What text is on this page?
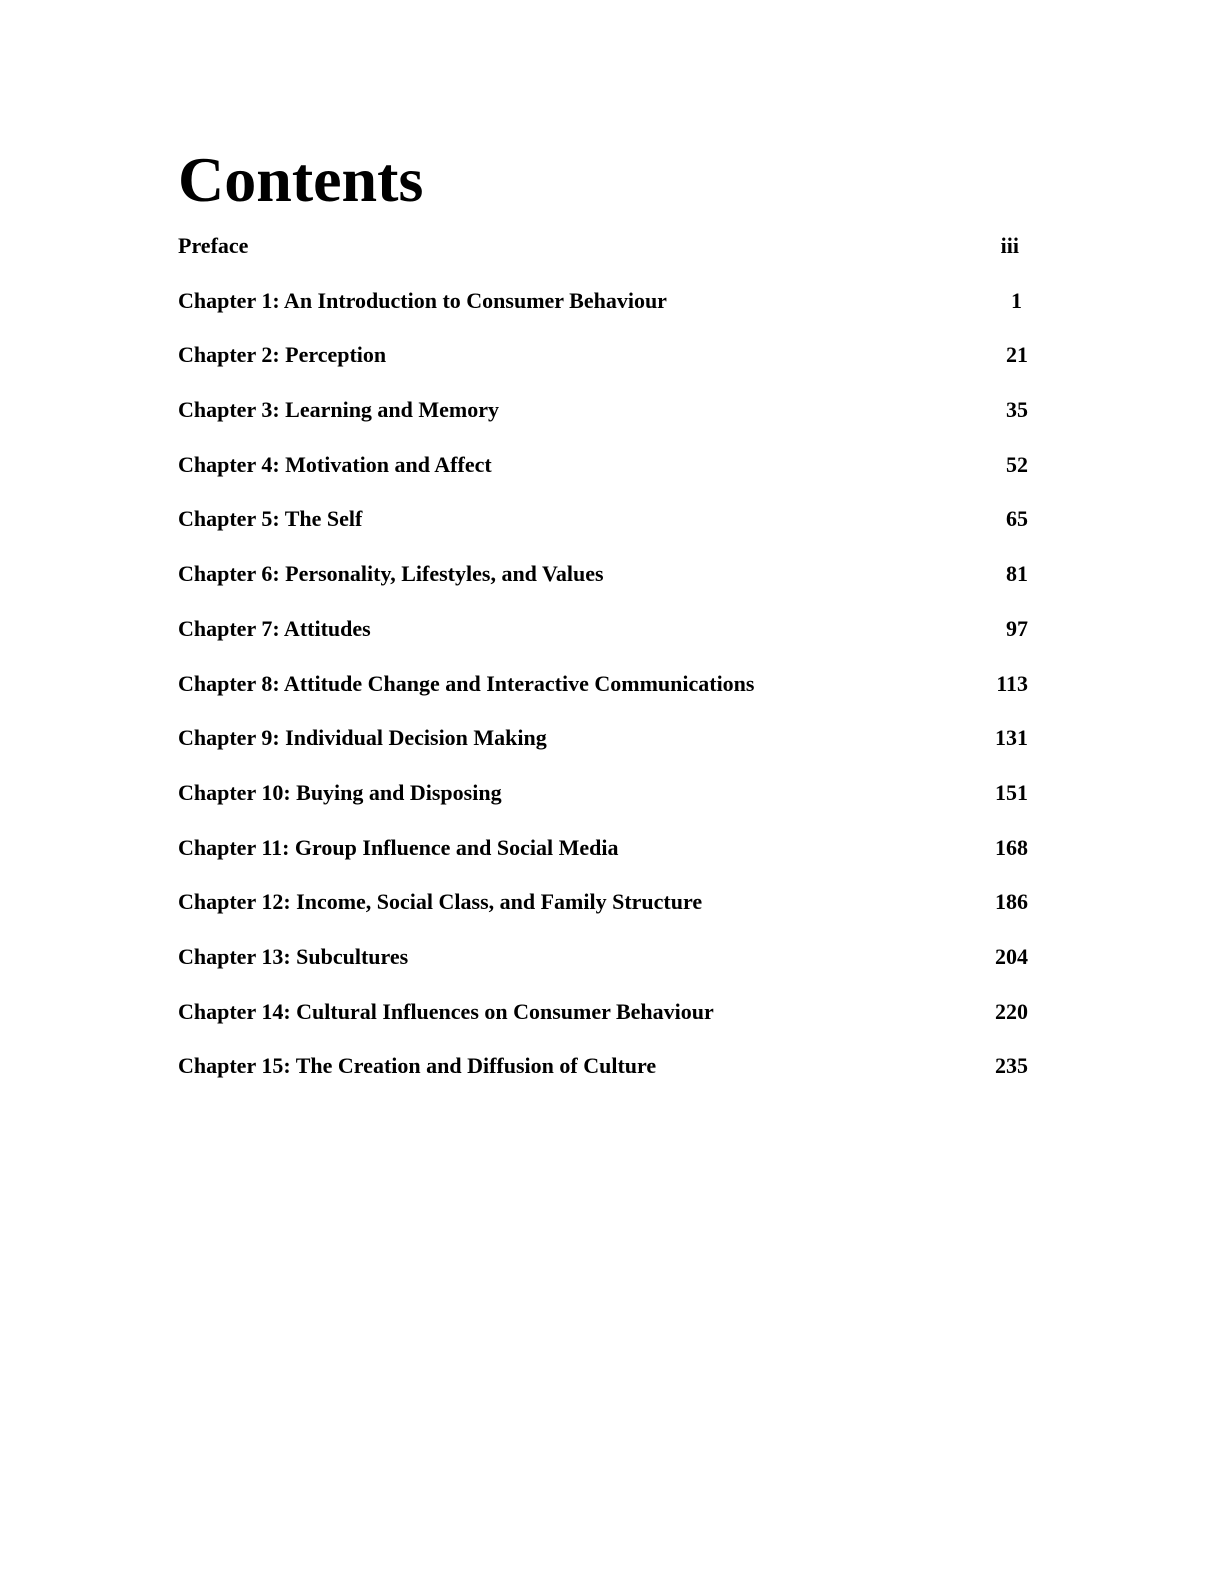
Contents
Preface	iii
Chapter 1: An Introduction to Consumer Behaviour	1
Chapter 2: Perception	21
Chapter 3: Learning and Memory	35
Chapter 4: Motivation and Affect	52
Chapter 5: The Self	65
Chapter 6: Personality, Lifestyles, and Values	81
Chapter 7: Attitudes	97
Chapter 8: Attitude Change and Interactive Communications	113
Chapter 9: Individual Decision Making	131
Chapter 10: Buying and Disposing	151
Chapter 11: Group Influence and Social Media	168
Chapter 12: Income, Social Class, and Family Structure	186
Chapter 13: Subcultures	204
Chapter 14: Cultural Influences on Consumer Behaviour	220
Chapter 15: The Creation and Diffusion of Culture	235
